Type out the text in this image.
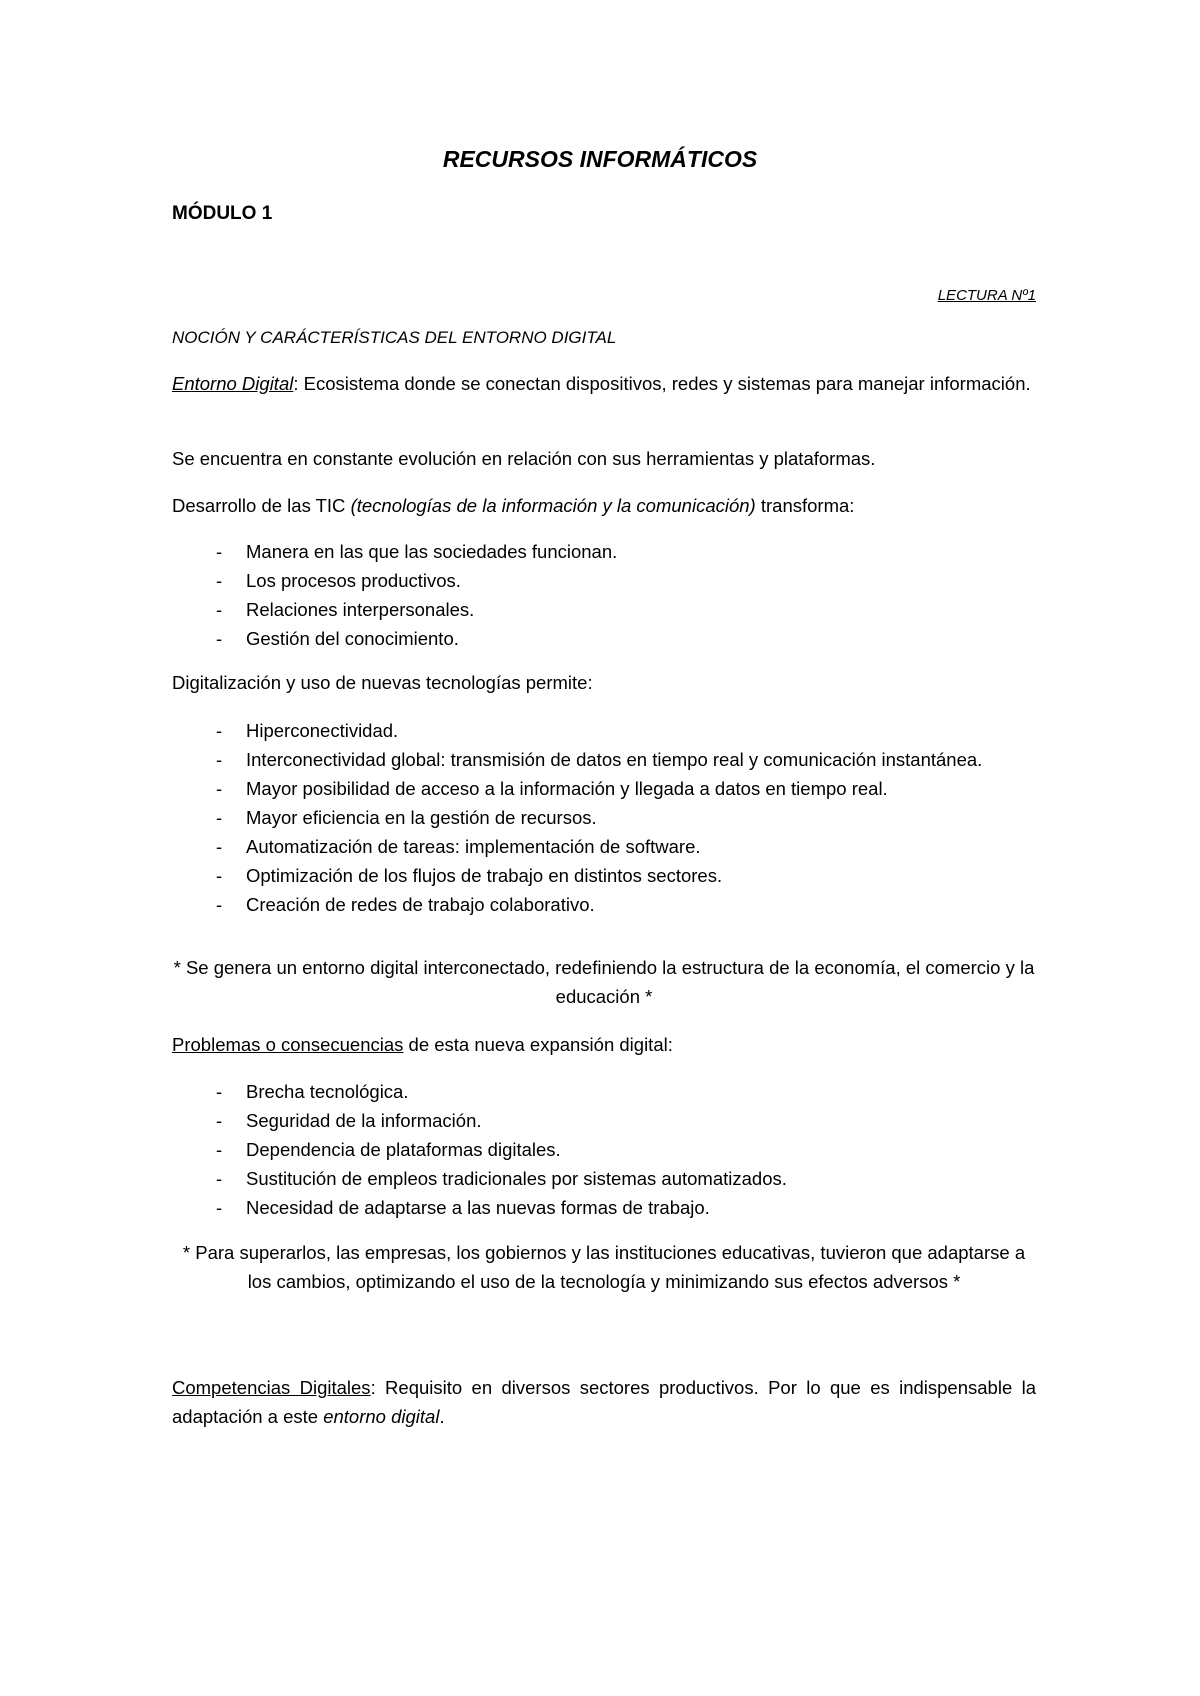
RECURSOS INFORMÁTICOS
MÓDULO 1
LECTURA Nº1
NOCIÓN Y CARÁCTERÍSTICAS DEL ENTORNO DIGITAL
Entorno Digital: Ecosistema donde se conectan dispositivos, redes y sistemas para manejar información.
Se encuentra en constante evolución en relación con sus herramientas y plataformas.
Desarrollo de las TIC (tecnologías de la información y la comunicación) transforma:
- Manera en las que las sociedades funcionan.
- Los procesos productivos.
- Relaciones interpersonales.
- Gestión del conocimiento.
Digitalización y uso de nuevas tecnologías permite:
- Hiperconectividad.
- Interconectividad global: transmisión de datos en tiempo real y comunicación instantánea.
- Mayor posibilidad de acceso a la información y llegada a datos en tiempo real.
- Mayor eficiencia en la gestión de recursos.
- Automatización de tareas: implementación de software.
- Optimización de los flujos de trabajo en distintos sectores.
- Creación de redes de trabajo colaborativo.
* Se genera un entorno digital interconectado, redefiniendo la estructura de la economía, el comercio y la educación *
Problemas o consecuencias de esta nueva expansión digital:
- Brecha tecnológica.
- Seguridad de la información.
- Dependencia de plataformas digitales.
- Sustitución de empleos tradicionales por sistemas automatizados.
- Necesidad de adaptarse a las nuevas formas de trabajo.
* Para superarlos, las empresas, los gobiernos y las instituciones educativas, tuvieron que adaptarse a los cambios, optimizando el uso de la tecnología y minimizando sus efectos adversos *
Competencias Digitales: Requisito en diversos sectores productivos. Por lo que es indispensable la adaptación a este entorno digital.
